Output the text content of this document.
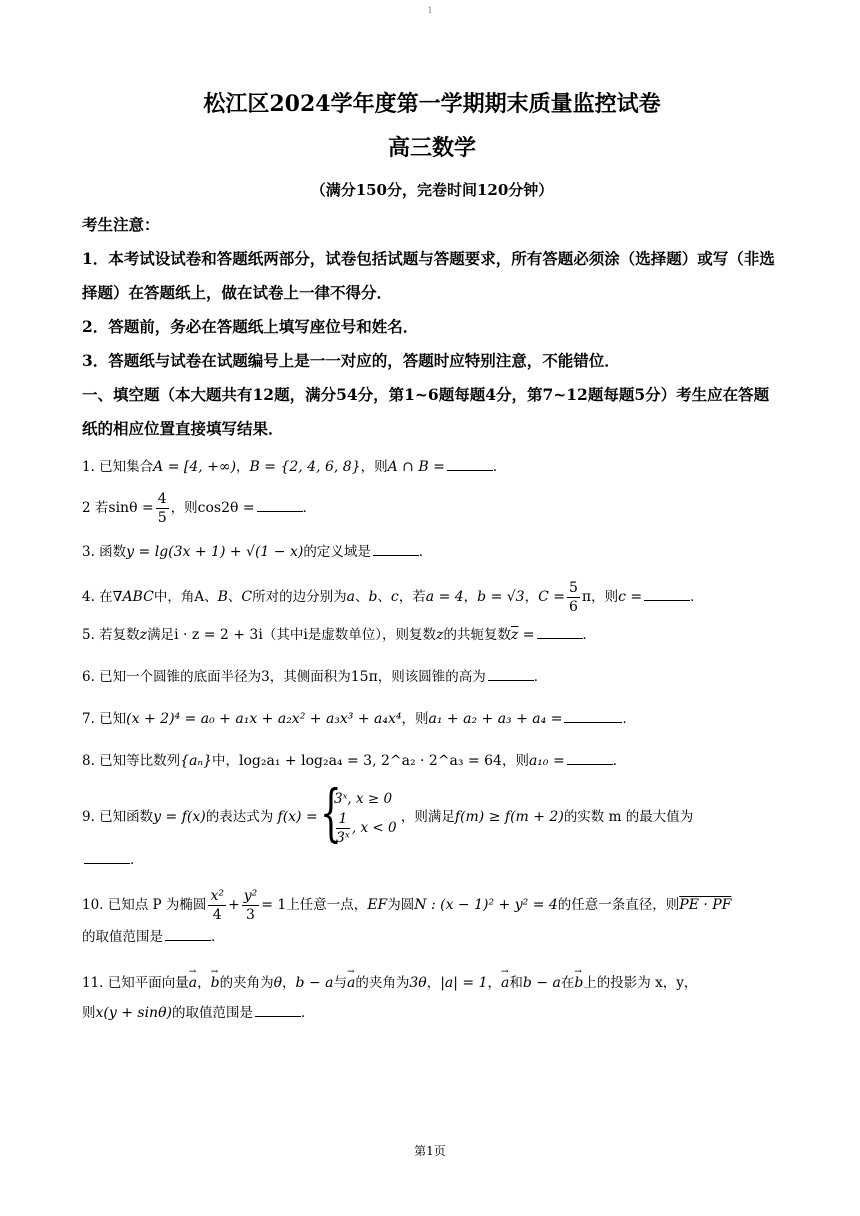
1
松江区2024学年度第一学期期末质量监控试卷
高三数学

（满分150分，完卷时间120分钟）

考生注意：

1．本考试设试卷和答题纸两部分，试卷包括试题与答题要求，所有答题必须涂（选择题）或写（非选择题）在答题纸上，做在试卷上一律不得分．

2．答题前，务必在答题纸上填写座位号和姓名．

3．答题纸与试卷在试题编号上是一一对应的，答题时应特别注意，不能错位．

一、填空题（本大题共有12题，满分54分，第1~6题每题4分，第7~12题每题5分）考生应在答题纸的相应位置直接填写结果．

1. 已知集合A = [4, +∞)，B = {2, 4, 6, 8}，则A ∩ B =	．

2 若$\sin\theta = \frac{4}{5}$ ，则cos2θ =	．

3. 函数y = lg(3x + 1) + √(1 − x)的定义域是	．

4. 在∇ABC中，角A、B、C所对的边分别为a、b、c，若a = 4，b = √3，$C = \frac{5}{6}$ π，则c =	．

5. 若复数z满足i · z = 2 + 3i（其中i是虚数单位），则复数z的共轭复数$\overline{z}$ =	．

6. 已知一个圆锥的底面半径为3，其侧面积为15π，则该圆锥的高为	．

7. 已知(x + 2)⁴ = a₀ + a₁x + a₂x² + a₃x³ + a₄x⁴，则a₁ + a₂ + a₃ + a₄ =	．

8. 已知等比数列{aₙ}中，log₂a₁ + log₂a₄ = 3, 2^a₂ · 2^a₃ = 64，则a₁₀ =	．

9. 已知函数y = f(x)的表达式为 f(x) =
{ 3ˣ, x ≥ 0
$\frac{1}{\text{3ˣ}}$ , x < 0
，则满足f(m) ≥ f(m + 2)的实数 m 的最大值为
．
10. 已知点 P 为椭圆 $\frac{\text{x²}}{4} + \frac{\text{y²}}{3} = 1$上任意一点，EF为圆N : (x − 1)² + y² = 4的任意一条直径，则PE · PF
的取值范围是	．
11. 已知平面向量→ a，→ b的夹角为θ，b − a与→ a的夹角为3θ，|a| = 1，→ a和b − a在→ b上的投影为 x，y，
则x(y + sinθ)的取值范围是	．
第1页
